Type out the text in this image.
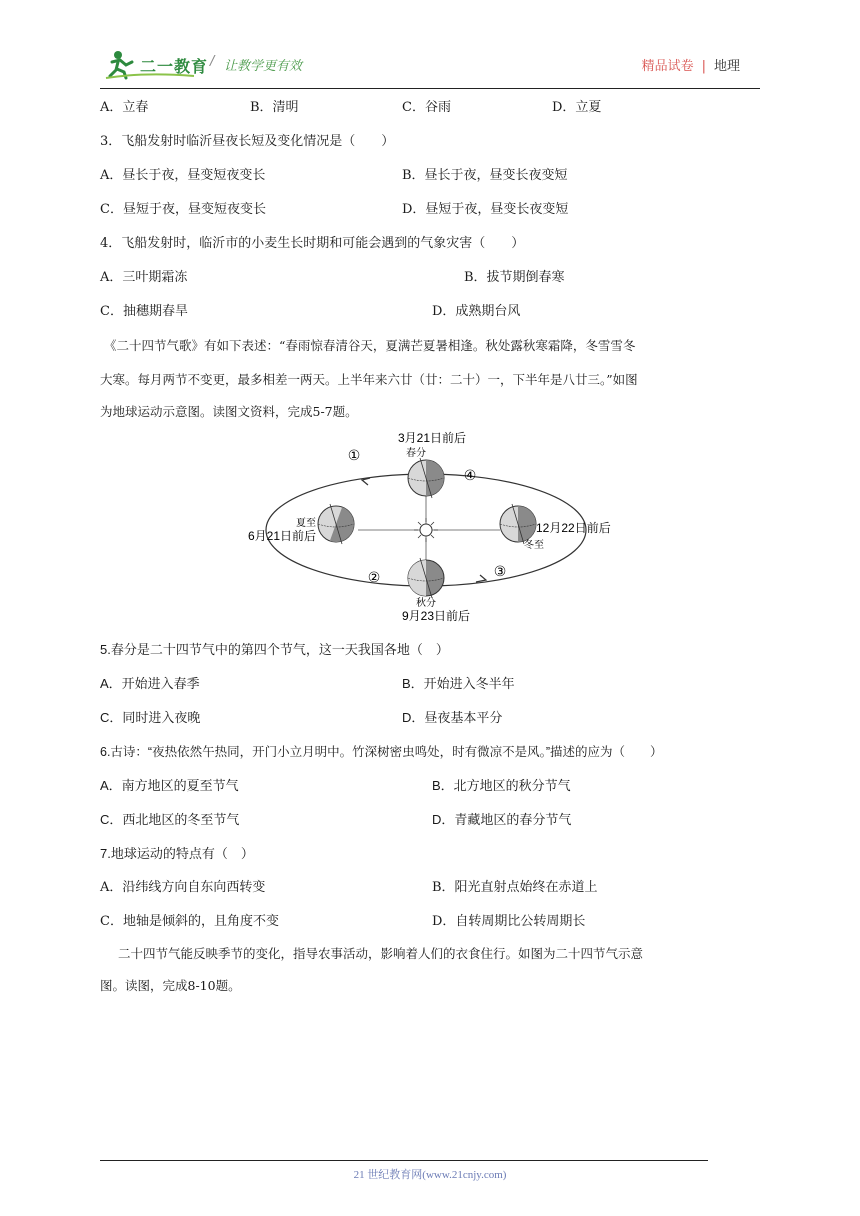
二一教育 / 让教学更有效	精品试卷 | 地理
A．立春	B．清明	C．谷雨	D．立夏
3．飞船发射时临沂昼夜长短及变化情况是（　　）
A．昼长于夜，昼变短夜变长	B．昼长于夜，昼变长夜变短
C．昼短于夜，昼变短夜变长	D．昼短于夜，昼变长夜变短
4．飞船发射时，临沂市的小麦生长时期和可能会遇到的气象灾害（　　）
A．三叶期霜冻	B．拔节期倒春寒
C．抽穗期春旱	D．成熟期台风
《二十四节气歌》有如下表述：“春雨惊春清谷天，夏满芒夏暑相逢。秋处露秋寒霜降，冬雪雪冬
大寒。每月两节不变更，最多相差一两天。上半年来六廿（廿：二十）一，下半年是八廿三。”如图
为地球运动示意图。读图文资料，完成5-7题。
3月21日前后
春分
夏至
6月21日前后
12月22日前后
冬至
秋分
9月23日前后
①
②	③
④
5.春分是二十四节气中的第四个节气，这一天我国各地（　）
A．开始进入春季	B．开始进入冬半年
C．同时进入夜晚	D．昼夜基本平分
6.古诗：“夜热依然午热同，开门小立月明中。竹深树密虫鸣处，时有微凉不是风。”描述的应为（　　）
A．南方地区的夏至节气	B．北方地区的秋分节气
C．西北地区的冬至节气	D．青藏地区的春分节气
7.地球运动的特点有（　）
A．沿纬线方向自东向西转变	B．阳光直射点始终在赤道上
C．地轴是倾斜的，且角度不变	D．自转周期比公转周期长
二十四节气能反映季节的变化，指导农事活动，影响着人们的衣食住行。如图为二十四节气示意
图。读图，完成8-10题。
21 世纪教育网(www.21cnjy.com)
